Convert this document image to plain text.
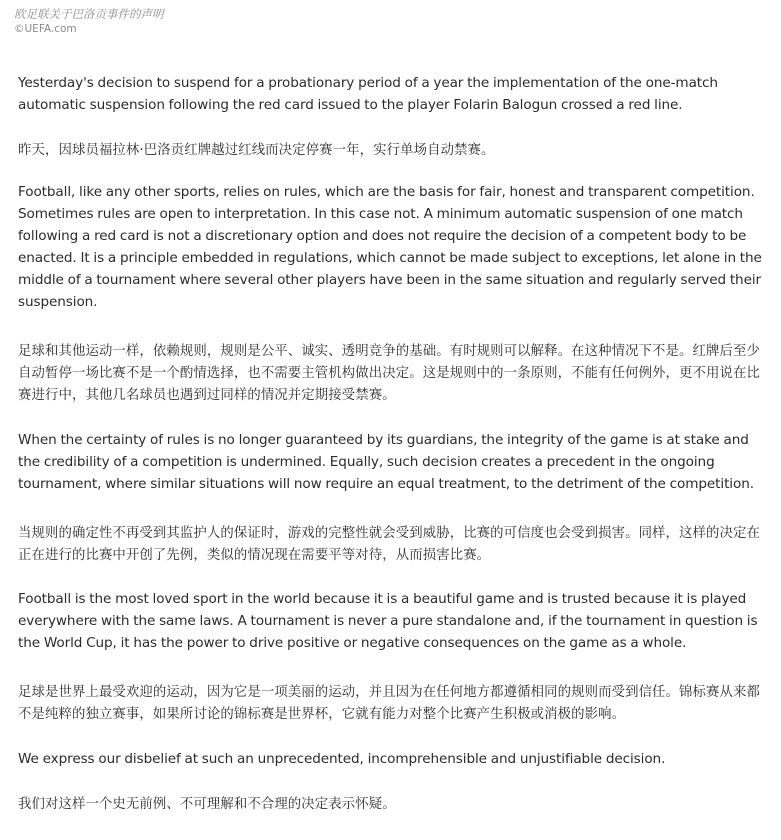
欧足联关于巴洛贡事件的声明
©UEFA.com

Yesterday's decision to suspend for a probationary period of a year the implementation of the one-match automatic suspension following the red card issued to the player Folarin Balogun crossed a red line.

昨天，因球员福拉林·巴洛贡红牌越过红线而决定停赛一年，实行单场自动禁赛。

Football, like any other sports, relies on rules, which are the basis for fair, honest and transparent competition. Sometimes rules are open to interpretation. In this case not. A minimum automatic suspension of one match following a red card is not a discretionary option and does not require the decision of a competent body to be enacted. It is a principle embedded in regulations, which cannot be made subject to exceptions, let alone in the middle of a tournament where several other players have been in the same situation and regularly served their suspension.

足球和其他运动一样，依赖规则，规则是公平、诚实、透明竞争的基础。有时规则可以解释。在这种情况下不是。红牌后至少自动暂停一场比赛不是一个酌情选择，也不需要主管机构做出决定。这是规则中的一条原则，不能有任何例外，更不用说在比赛进行中，其他几名球员也遇到过同样的情况并定期接受禁赛。

When the certainty of rules is no longer guaranteed by its guardians, the integrity of the game is at stake and the credibility of a competition is undermined. Equally, such decision creates a precedent in the ongoing tournament, where similar situations will now require an equal treatment, to the detriment of the competition.

当规则的确定性不再受到其监护人的保证时，游戏的完整性就会受到威胁，比赛的可信度也会受到损害。同样，这样的决定在正在进行的比赛中开创了先例，类似的情况现在需要平等对待，从而损害比赛。

Football is the most loved sport in the world because it is a beautiful game and is trusted because it is played everywhere with the same laws. A tournament is never a pure standalone and, if the tournament in question is the World Cup, it has the power to drive positive or negative consequences on the game as a whole.

足球是世界上最受欢迎的运动，因为它是一项美丽的运动，并且因为在任何地方都遵循相同的规则而受到信任。锦标赛从来都不是纯粹的独立赛事，如果所讨论的锦标赛是世界杯，它就有能力对整个比赛产生积极或消极的影响。

We express our disbelief at such an unprecedented, incomprehensible and unjustifiable decision.

我们对这样一个史无前例、不可理解和不合理的决定表示怀疑。
